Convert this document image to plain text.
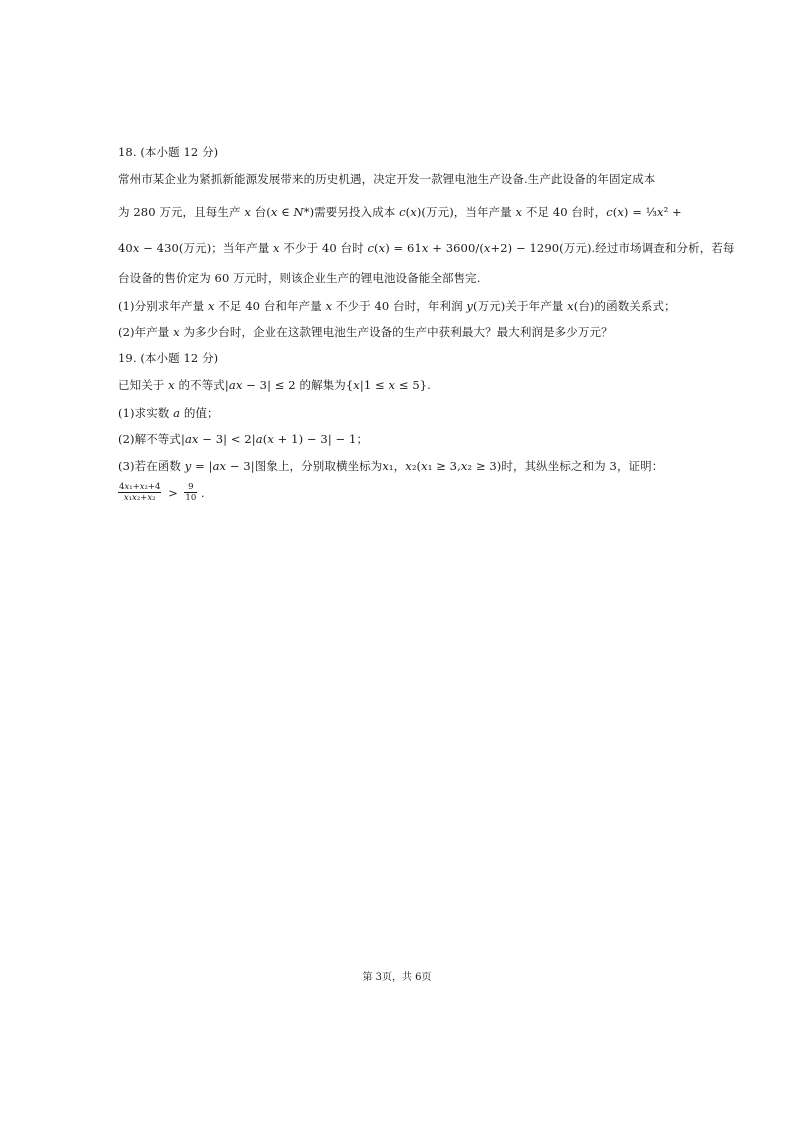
18. (本小题 12 分)
常州市某企业为紧抓新能源发展带来的历史机遇，决定开发一款锂电池生产设备.生产此设备的年固定成本
为 280 万元，且每生产 𝑥 台(𝑥 ∈ 𝑁*)需要另投入成本 𝑐(𝑥)(万元)，当年产量 𝑥 不足 40 台时，𝑐(𝑥) = ⅓𝑥² +
40𝑥 − 430(万元)；当年产量 𝑥 不少于 40 台时 𝑐(𝑥) = 61𝑥 + 3600/(𝑥+2) − 1290(万元).经过市场调查和分析，若每
台设备的售价定为 60 万元时，则该企业生产的锂电池设备能全部售完.
(1)分别求年产量 𝑥 不足 40 台和年产量 𝑥 不少于 40 台时，年利润 𝑦(万元)关于年产量 𝑥(台)的函数关系式；
(2)年产量 𝑥 为多少台时，企业在这款锂电池生产设备的生产中获利最大？最大利润是多少万元？
19. (本小题 12 分)
已知关于 𝑥 的不等式|𝑎𝑥 − 3| ≤ 2 的解集为{𝑥|1 ≤ 𝑥 ≤ 5}.
(1)求实数 𝑎 的值；
(2)解不等式|𝑎𝑥 − 3| < 2|𝑎(𝑥 + 1) − 3| − 1；
(3)若在函数 𝑦 = |𝑎𝑥 − 3|图象上，分别取横坐标为𝑥₁，𝑥₂(𝑥₁ ≥ 3,𝑥₂ ≥ 3)时，其纵坐标之和为 3，证明：
$\frac{\text{4𝑥₁+𝑥₂+4}}{\text{𝑥₁𝑥₂+𝑥₂}} > \frac{9}{10}$ .
第 3页，共 6页
